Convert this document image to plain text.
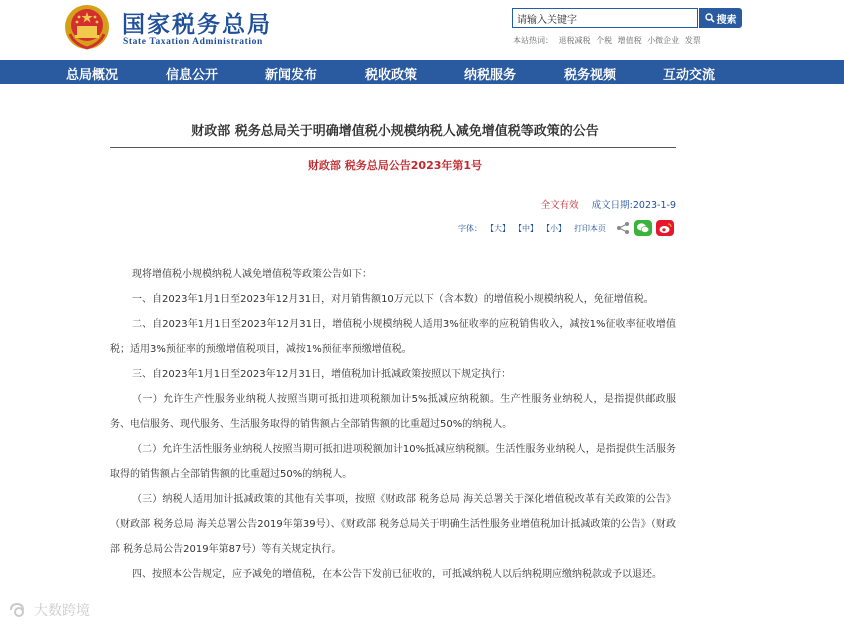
国家税务总局
State Taxation Administration
请输入关键字
搜索
本站热词： 退税减税 个税 增值税 小微企业 发票
总局概况	信息公开	新闻发布	税收政策	纳税服务	税务视频	互动交流
财政部 税务总局关于明确增值税小规模纳税人减免增值税等政策的公告
财政部 税务总局公告2023年第1号
全文有效 成文日期:2023-1-9
字体： 【大】 【中】 【小】 打印本页

现将增值税小规模纳税人减免增值税等政策公告如下：

一、自2023年1月1日至2023年12月31日，对月销售额10万元以下（含本数）的增值税小规模纳税人，免征增值税。

二、自2023年1月1日至2023年12月31日，增值税小规模纳税人适用3%征收率的应税销售收入，减按1%征收率征收增值税；适用3%预征率的预缴增值税项目，减按1%预征率预缴增值税。

三、自2023年1月1日至2023年12月31日，增值税加计抵减政策按照以下规定执行：

（一）允许生产性服务业纳税人按照当期可抵扣进项税额加计5%抵减应纳税额。生产性服务业纳税人，是指提供邮政服务、电信服务、现代服务、生活服务取得的销售额占全部销售额的比重超过50%的纳税人。

（二）允许生活性服务业纳税人按照当期可抵扣进项税额加计10%抵减应纳税额。生活性服务业纳税人，是指提供生活服务取得的销售额占全部销售额的比重超过50%的纳税人。

（三）纳税人适用加计抵减政策的其他有关事项，按照《财政部 税务总局 海关总署关于深化增值税改革有关政策的公告》（财政部 税务总局 海关总署公告2019年第39号）、《财政部 税务总局关于明确生活性服务业增值税加计抵减政策的公告》（财政部 税务总局公告2019年第87号）等有关规定执行。

四、按照本公告规定，应予减免的增值税，在本公告下发前已征收的，可抵减纳税人以后纳税期应缴纳税款或予以退还。

大数跨境
